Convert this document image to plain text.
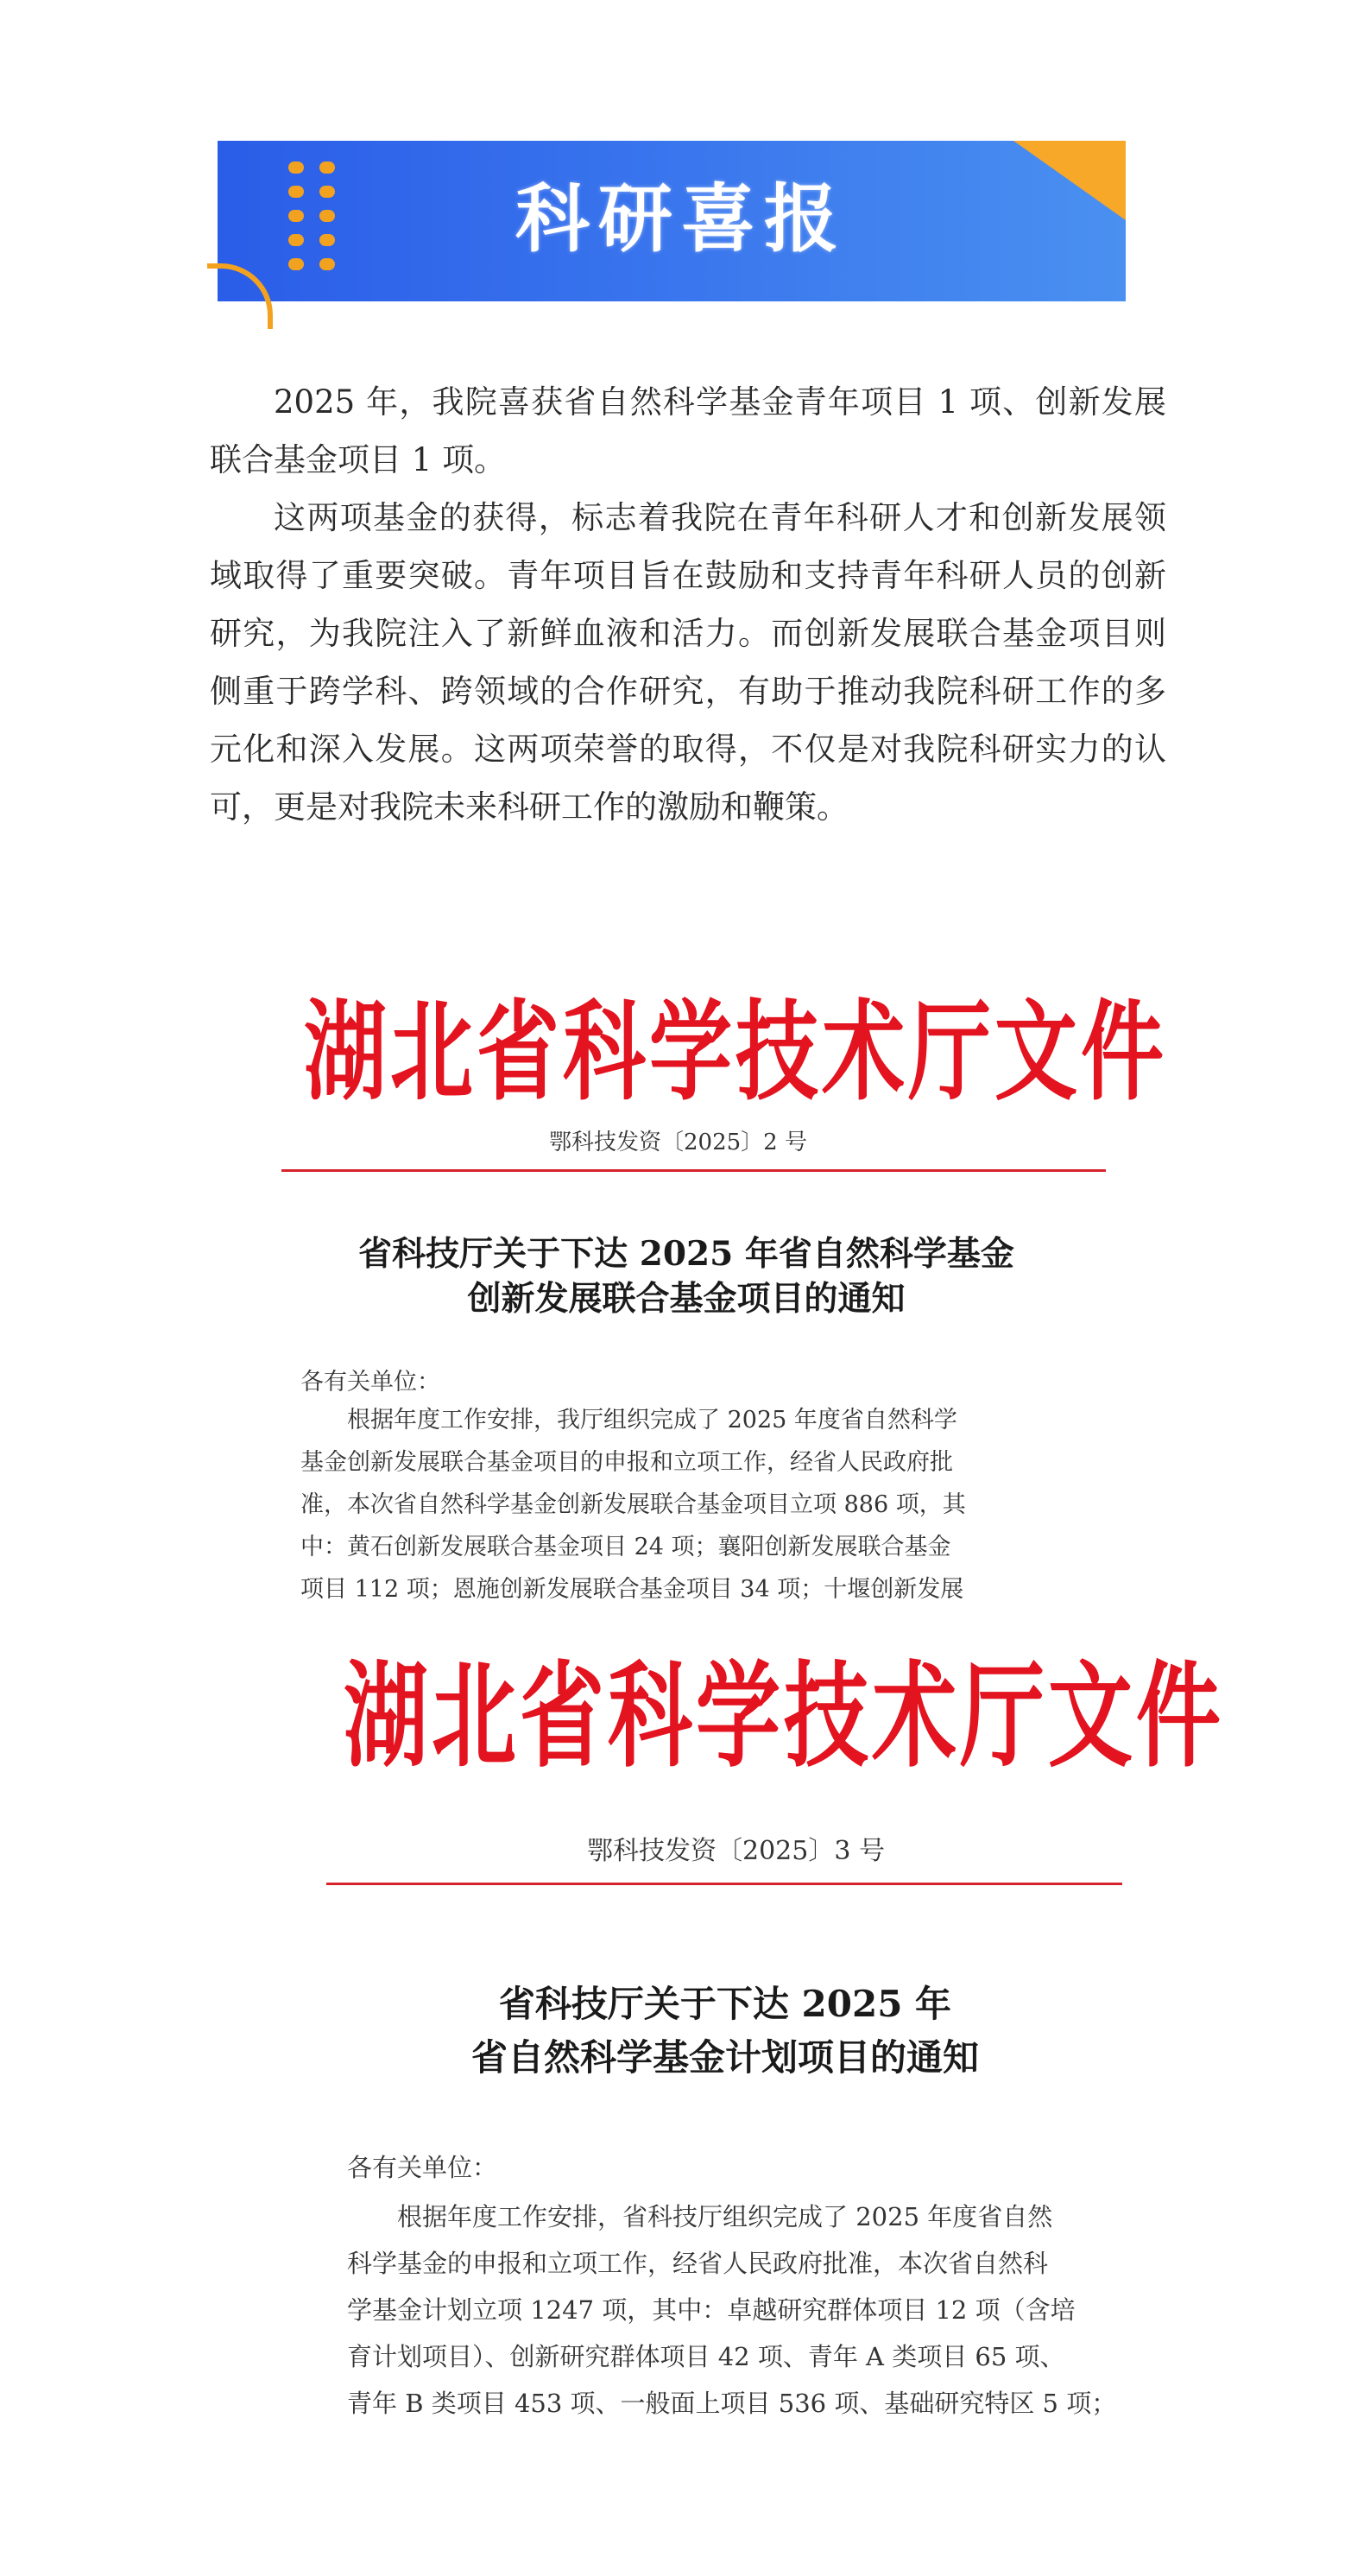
科研喜报

2025 年，我院喜获省自然科学基金青年项目 1 项、创新发展联合基金项目 1 项。

这两项基金的获得，标志着我院在青年科研人才和创新发展领域取得了重要突破。青年项目旨在鼓励和支持青年科研人员的创新研究，为我院注入了新鲜血液和活力。而创新发展联合基金项目则侧重于跨学科、跨领域的合作研究，有助于推动我院科研工作的多元化和深入发展。这两项荣誉的取得，不仅是对我院科研实力的认可，更是对我院未来科研工作的激励和鞭策。

湖北省科学技术厅文件
鄂科技发资〔2025〕2 号
省科技厅关于下达 2025 年省自然科学基金
创新发展联合基金项目的通知
各有关单位：
根据年度工作安排，我厅组织完成了 2025 年度省自然科学
基金创新发展联合基金项目的申报和立项工作，经省人民政府批
准，本次省自然科学基金创新发展联合基金项目立项 886 项，其
中：黄石创新发展联合基金项目 24 项；襄阳创新发展联合基金
项目 112 项；恩施创新发展联合基金项目 34 项；十堰创新发展
湖北省科学技术厅文件
鄂科技发资〔2025〕3 号
省科技厅关于下达 2025 年
省自然科学基金计划项目的通知
各有关单位：
根据年度工作安排，省科技厅组织完成了 2025 年度省自然
科学基金的申报和立项工作，经省人民政府批准，本次省自然科
学基金计划立项 1247 项，其中：卓越研究群体项目 12 项（含培
育计划项目）、创新研究群体项目 42 项、青年 A 类项目 65 项、
青年 B 类项目 453 项、一般面上项目 536 项、基础研究特区 5 项；
